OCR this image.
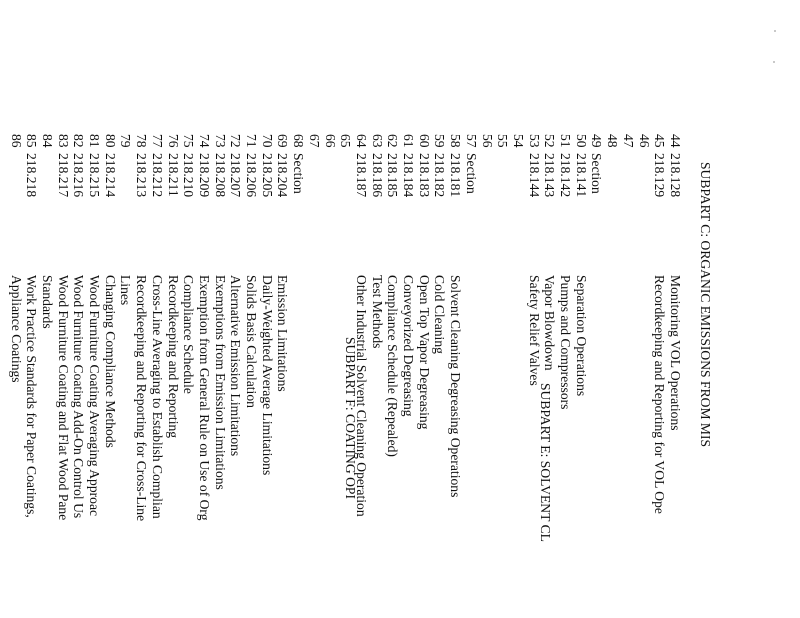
SUBPART C: ORGANIC EMISSIONS FROM MIS
SUBPART E: SOLVENT CL
SUBPART F: COATING OPI
44
218.128
Monitoring VOL Operations
45
218.129
Recordkeeping and Reporting for VOL Ope
46
47
48
49
Section
50
218.141
Separation Operations
51
218.142
Pumps and Compressors
52
218.143
Vapor Blowdown
53
218.144
Safety Relief Valves
54
55
56
57
Section
58
218.181
Solvent Cleaning Degreasing Operations
59
218.182
Cold Cleaning
60
218.183
Open Top Vapor Degreasing
61
218.184
Conveyorized Degreasing
62
218.185
Compliance Schedule (Repealed)
63
218.186
Test Methods
64
218.187
Other Industrial Solvent Cleaning Operation
65
66
67
68
Section
69
218.204
Emission Limitations
70
218.205
Daily-Weighted Average Limitations
71
218.206
Solids Basis Calculation
72
218.207
Alternative Emission Limitations
73
218.208
Exemptions from Emission Limitations
74
218.209
Exemption from General Rule on Use of Org
75
218.210
Compliance Schedule
76
218.211
Recordkeeping and Reporting
77
218.212
Cross-Line Averaging to Establish Complian
78
218.213
Recordkeeping and Reporting for Cross-Line
79
Lines
80
218.214
Changing Compliance Methods
81
218.215
Wood Furniture Coating Averaging Approac
82
218.216
Wood Furniture Coating Add-On Control Us
83
218.217
Wood Furniture Coating and Flat Wood Pane
84
Standards
85
218.218
Work Practice Standards for Paper Coatings,
86
Appliance Coatings
